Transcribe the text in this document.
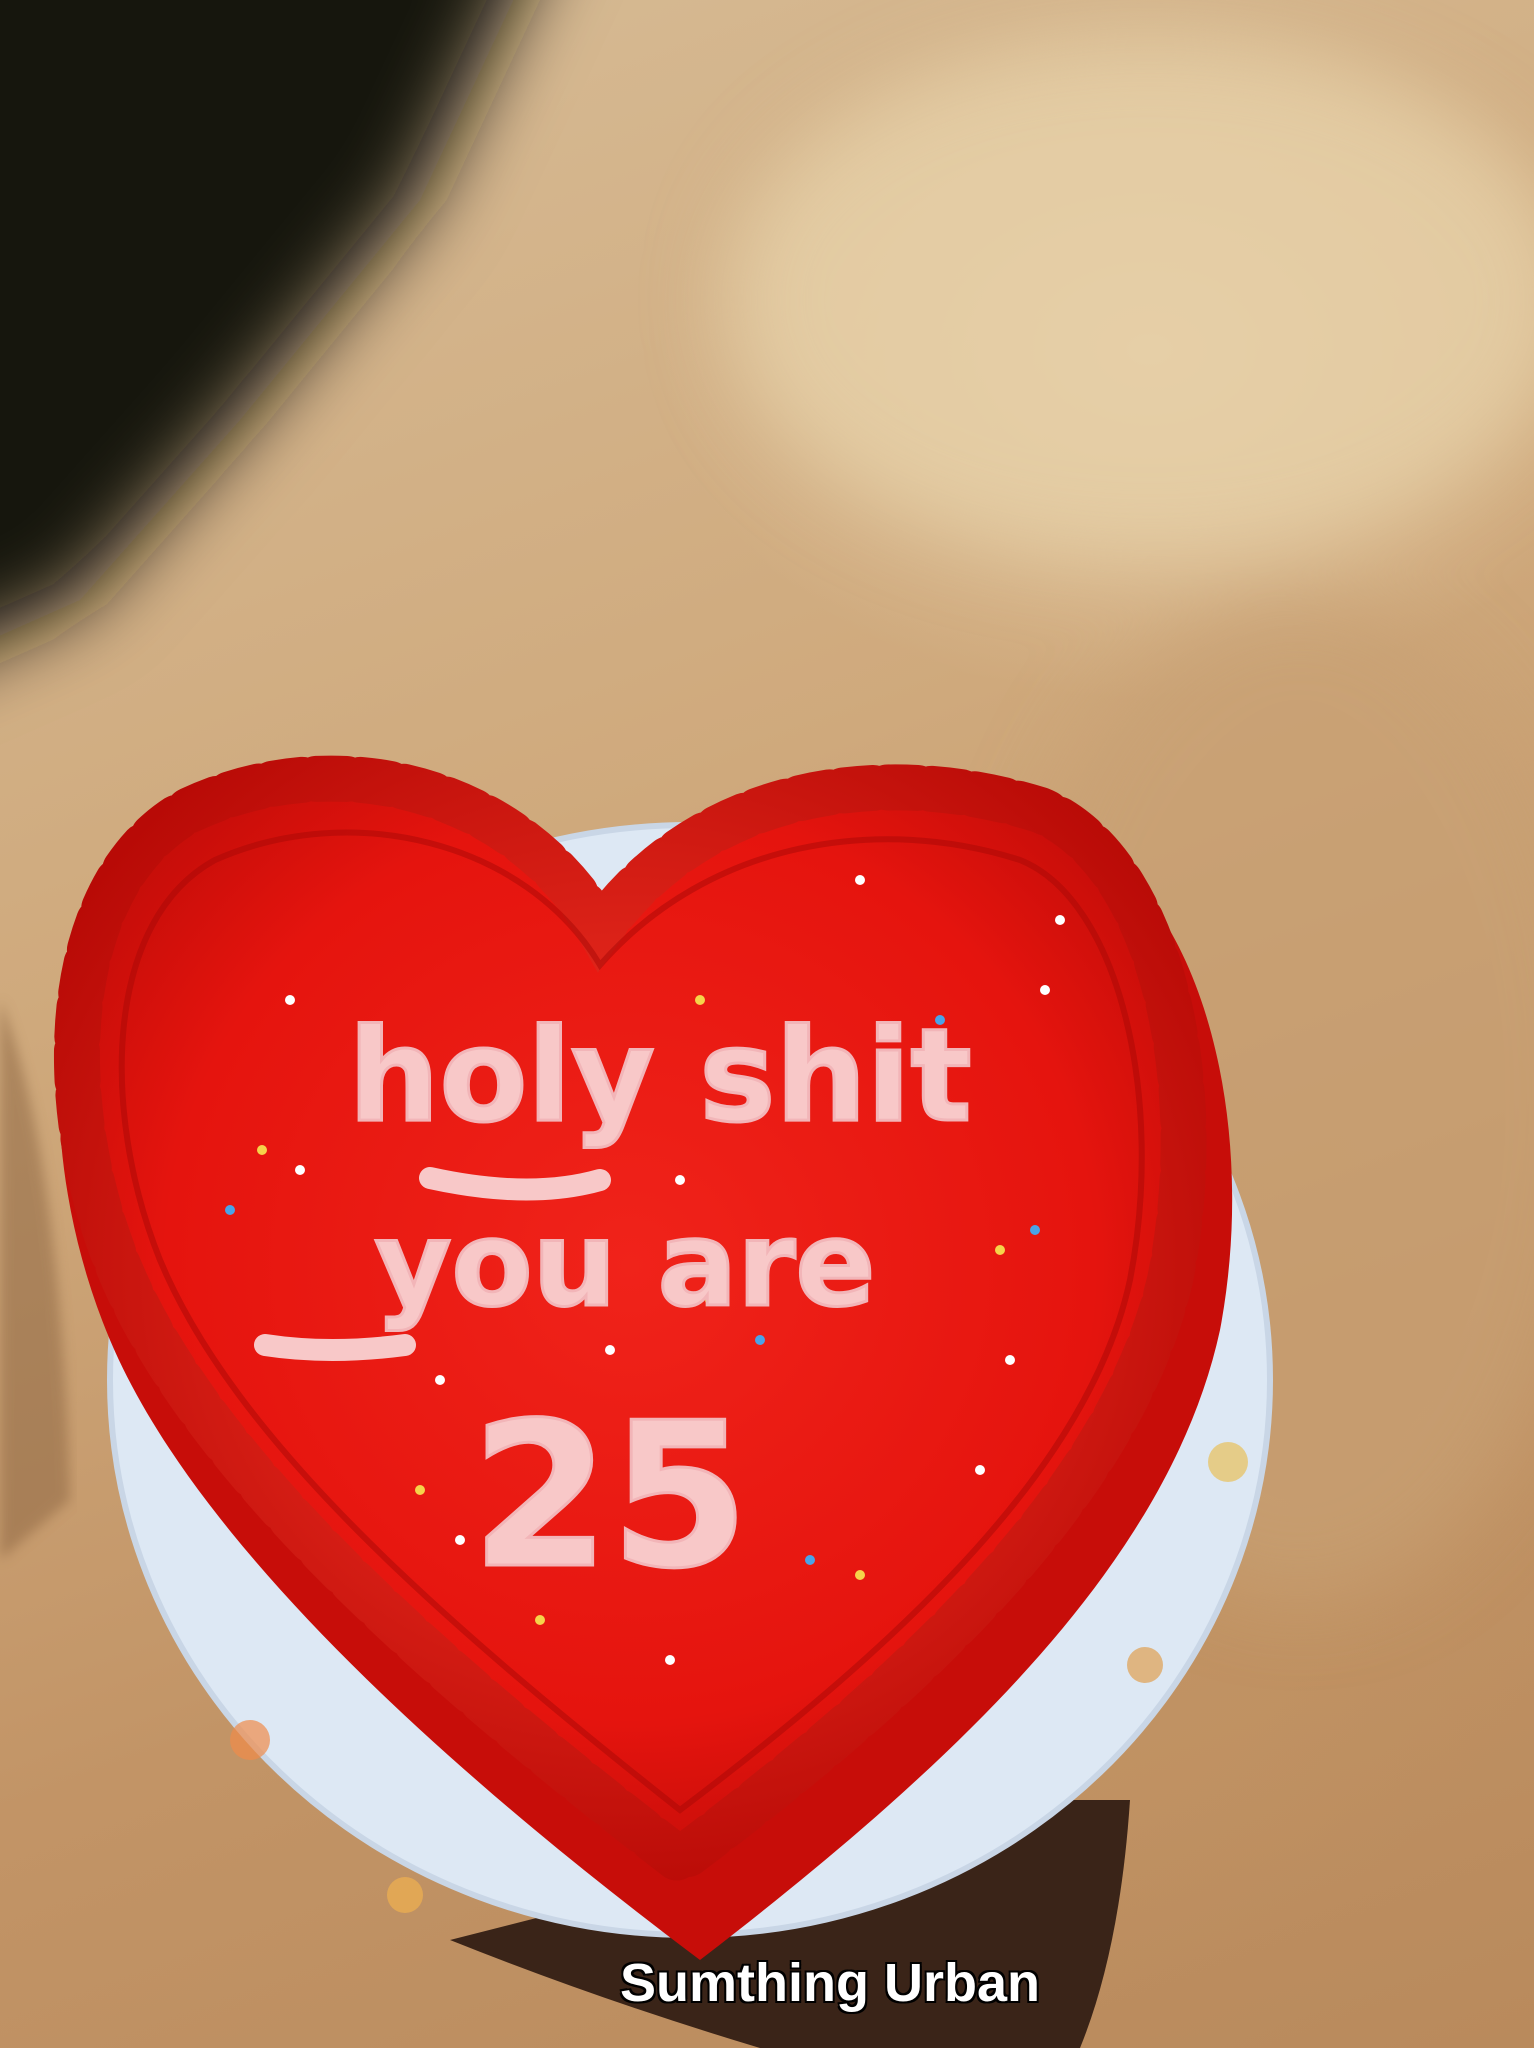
holy shit
you are
25
Sumthing Urban
